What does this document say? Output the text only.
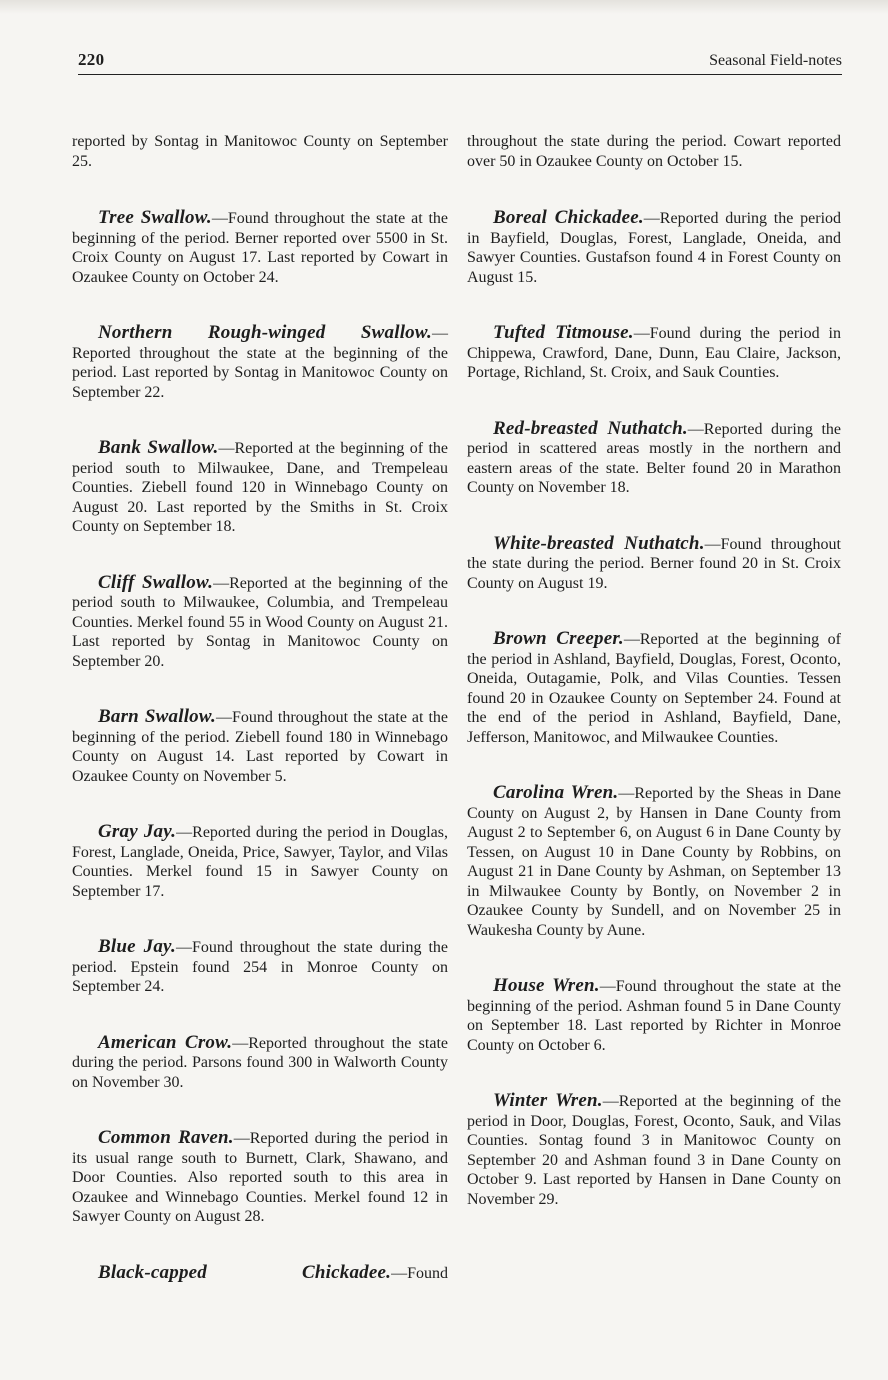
220	Seasonal Field-notes

reported by Sontag in Manitowoc County on September 25.

Tree Swallow.—Found throughout the state at the beginning of the period. Berner reported over 5500 in St. Croix County on August 17. Last reported by Cowart in Ozaukee County on October 24.

Northern Rough-winged Swallow.— Reported throughout the state at the beginning of the period. Last reported by Sontag in Manitowoc County on September 22.

Bank Swallow.—Reported at the beginning of the period south to Milwaukee, Dane, and Trempeleau Counties. Ziebell found 120 in Winnebago County on August 20. Last reported by the Smiths in St. Croix County on September 18.

Cliff Swallow.—Reported at the beginning of the period south to Milwaukee, Columbia, and Trempeleau Counties. Merkel found 55 in Wood County on August 21. Last reported by Sontag in Manitowoc County on September 20.

Barn Swallow.—Found throughout the state at the beginning of the period. Ziebell found 180 in Winnebago County on August 14. Last reported by Cowart in Ozaukee County on November 5.

Gray Jay.—Reported during the period in Douglas, Forest, Langlade, Oneida, Price, Sawyer, Taylor, and Vilas Counties. Merkel found 15 in Sawyer County on September 17.

Blue Jay.—Found throughout the state during the period. Epstein found 254 in Monroe County on September 24.

American Crow.—Reported throughout the state during the period. Parsons found 300 in Walworth County on November 30.

Common Raven.—Reported during the period in its usual range south to Burnett, Clark, Shawano, and Door Counties. Also reported south to this area in Ozaukee and Winnebago Counties. Merkel found 12 in Sawyer County on August 28.

Black-capped Chickadee.—Found

throughout the state during the period. Cowart reported over 50 in Ozaukee County on October 15.

Boreal Chickadee.—Reported during the period in Bayfield, Douglas, Forest, Langlade, Oneida, and Sawyer Counties. Gustafson found 4 in Forest County on August 15.

Tufted Titmouse.—Found during the period in Chippewa, Crawford, Dane, Dunn, Eau Claire, Jackson, Portage, Richland, St. Croix, and Sauk Counties.

Red-breasted Nuthatch.—Reported during the period in scattered areas mostly in the northern and eastern areas of the state. Belter found 20 in Marathon County on November 18.

White-breasted Nuthatch.—Found throughout the state during the period. Berner found 20 in St. Croix County on August 19.

Brown Creeper.—Reported at the beginning of the period in Ashland, Bayfield, Douglas, Forest, Oconto, Oneida, Outagamie, Polk, and Vilas Counties. Tessen found 20 in Ozaukee County on September 24. Found at the end of the period in Ashland, Bayfield, Dane, Jefferson, Manitowoc, and Milwaukee Counties.

Carolina Wren.—Reported by the Sheas in Dane County on August 2, by Hansen in Dane County from August 2 to September 6, on August 6 in Dane County by Tessen, on August 10 in Dane County by Robbins, on August 21 in Dane County by Ashman, on September 13 in Milwaukee County by Bontly, on November 2 in Ozaukee County by Sundell, and on November 25 in Waukesha County by Aune.

House Wren.—Found throughout the state at the beginning of the period. Ashman found 5 in Dane County on September 18. Last reported by Richter in Monroe County on October 6.

Winter Wren.—Reported at the beginning of the period in Door, Douglas, Forest, Oconto, Sauk, and Vilas Counties. Sontag found 3 in Manitowoc County on September 20 and Ashman found 3 in Dane County on October 9. Last reported by Hansen in Dane County on November 29.
